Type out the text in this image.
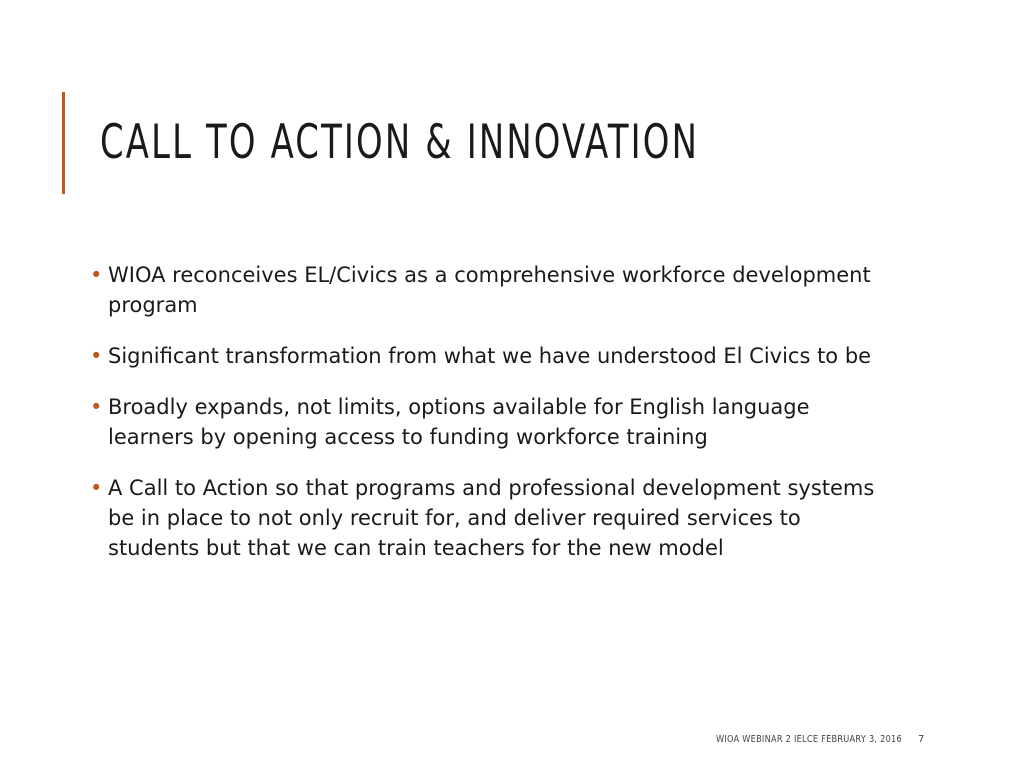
CALL TO ACTION & INNOVATION
• WIOA reconceives EL/Civics as a comprehensive workforce development program
• Significant transformation from what we have understood El Civics to be
• Broadly expands, not limits, options available for English language learners by opening access to funding workforce training
• A Call to Action so that programs and professional development systems be in place to not only recruit for, and deliver required services to students but that we can train teachers for the new model
WIOA WEBINAR 2 IELCE FEBRUARY 3, 2016 7
